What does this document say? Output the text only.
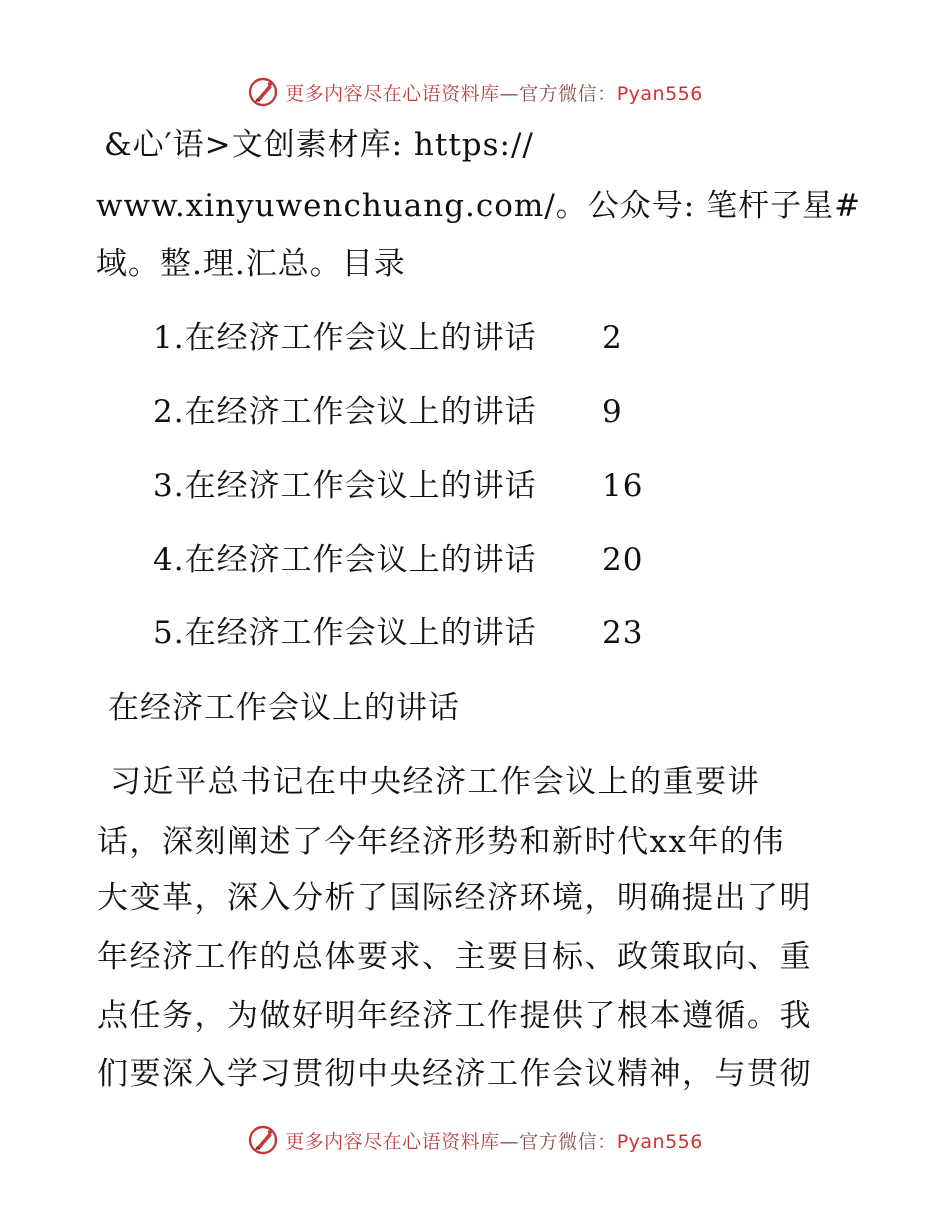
更多内容尽在心语资料库—官方微信：Pyan556
&心′语>文创素材库: https://
www.xinyuwenchuang.com/。公众号: 笔杆子星#
域。整.理.汇总。目录
1.在经济工作会议上的讲话 2
2.在经济工作会议上的讲话 9
3.在经济工作会议上的讲话 16
4.在经济工作会议上的讲话 20
5.在经济工作会议上的讲话 23
在经济工作会议上的讲话
习近平总书记在中央经济工作会议上的重要讲
话，深刻阐述了今年经济形势和新时代xx年的伟
大变革，深入分析了国际经济环境，明确提出了明
年经济工作的总体要求、主要目标、政策取向、重
点任务，为做好明年经济工作提供了根本遵循。我
们要深入学习贯彻中央经济工作会议精神，与贯彻
更多内容尽在心语资料库—官方微信：Pyan556
